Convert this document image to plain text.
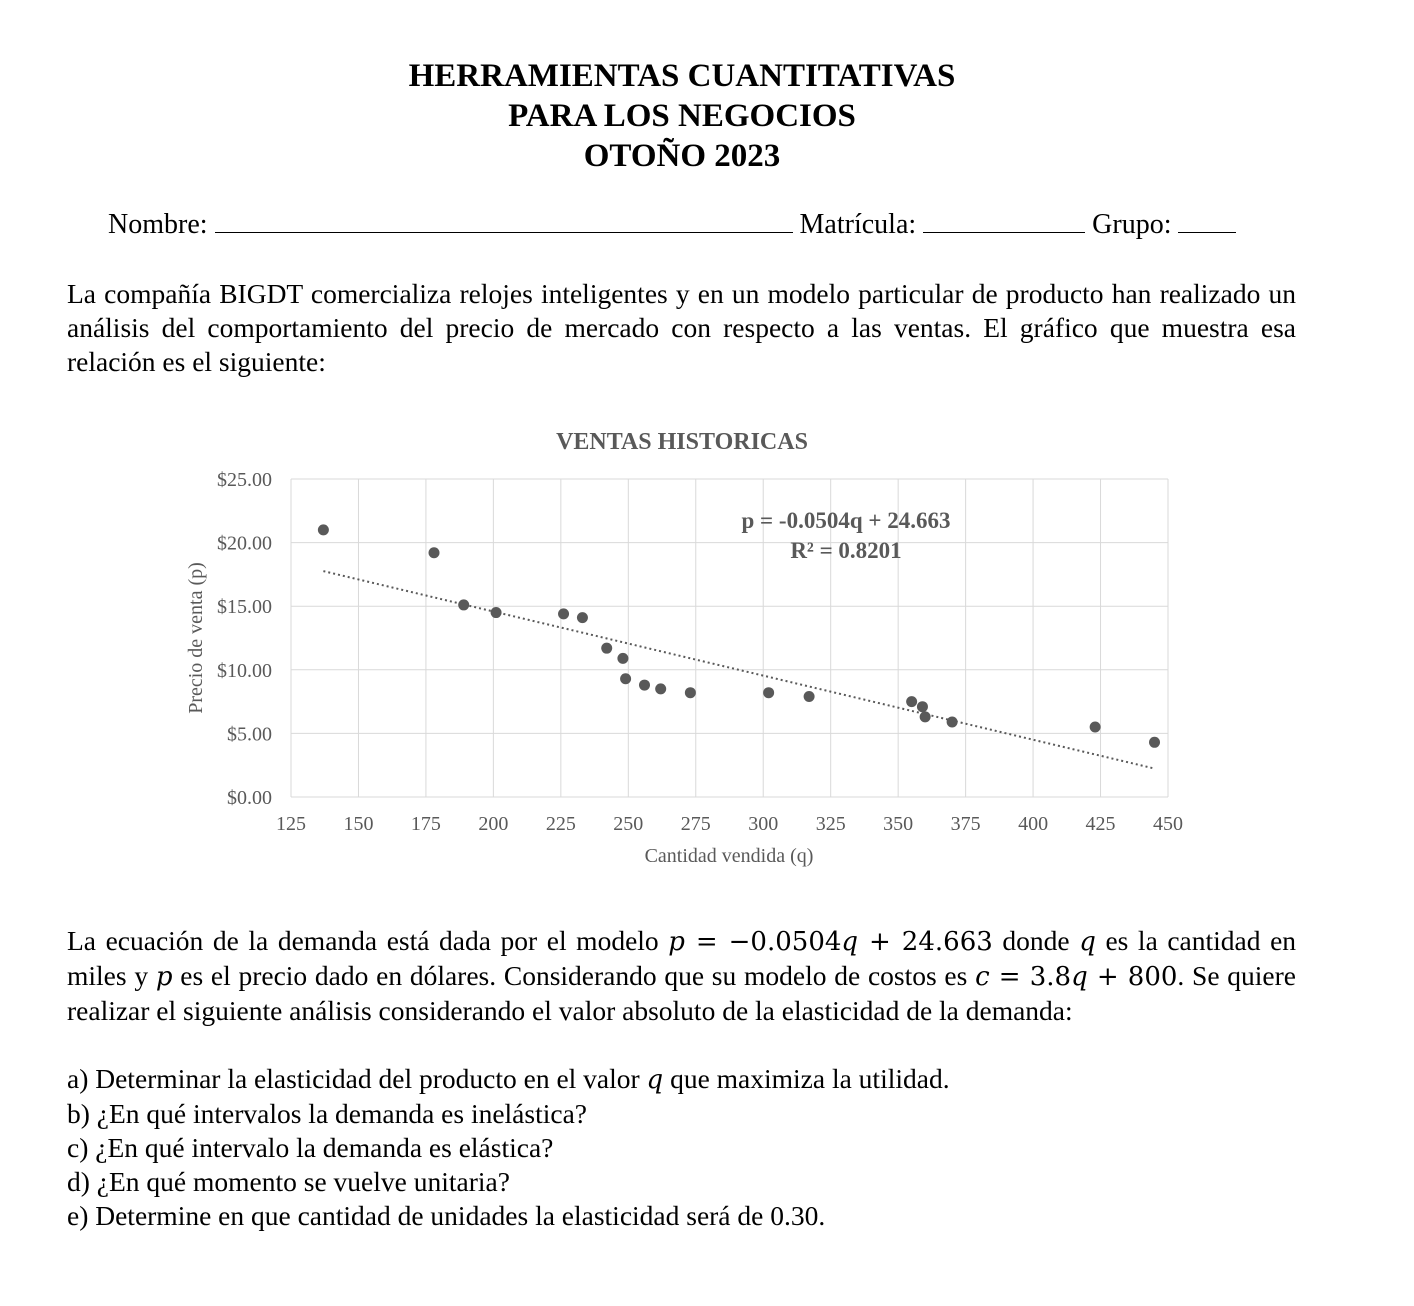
HERRAMIENTAS CUANTITATIVAS
PARA LOS NEGOCIOS
OTOÑO 2023
Nombre:	Matrícula:	Grupo:
La compañía BIGDT comercializa relojes inteligentes y en un modelo particular de producto han realizado un análisis del comportamiento del precio de mercado con respecto a las ventas. El gráfico que muestra esa relación es el siguiente:
VENTAS HISTORICAS
125 150 175 200 225 250 275 300 325 350 375 400 425 450
$0.00
$5.00
$10.00
$15.00
$20.00
$25.00
p = -0.0504q + 24.663
R² = 0.8201
Cantidad vendida (q)
Precio de venta (p)
La ecuación de la demanda está dada por el modelo p = −0.0504q + 24.663 donde q es la cantidad en miles y p es el precio dado en dólares. Considerando que su modelo de costos es c = 3.8q + 800. Se quiere realizar el siguiente análisis considerando el valor absoluto de la elasticidad de la demanda:
a) Determinar la elasticidad del producto en el valor q que maximiza la utilidad.
b) ¿En qué intervalos la demanda es inelástica?
c) ¿En qué intervalo la demanda es elástica?
d) ¿En qué momento se vuelve unitaria?
e) Determine en que cantidad de unidades la elasticidad será de 0.30.
